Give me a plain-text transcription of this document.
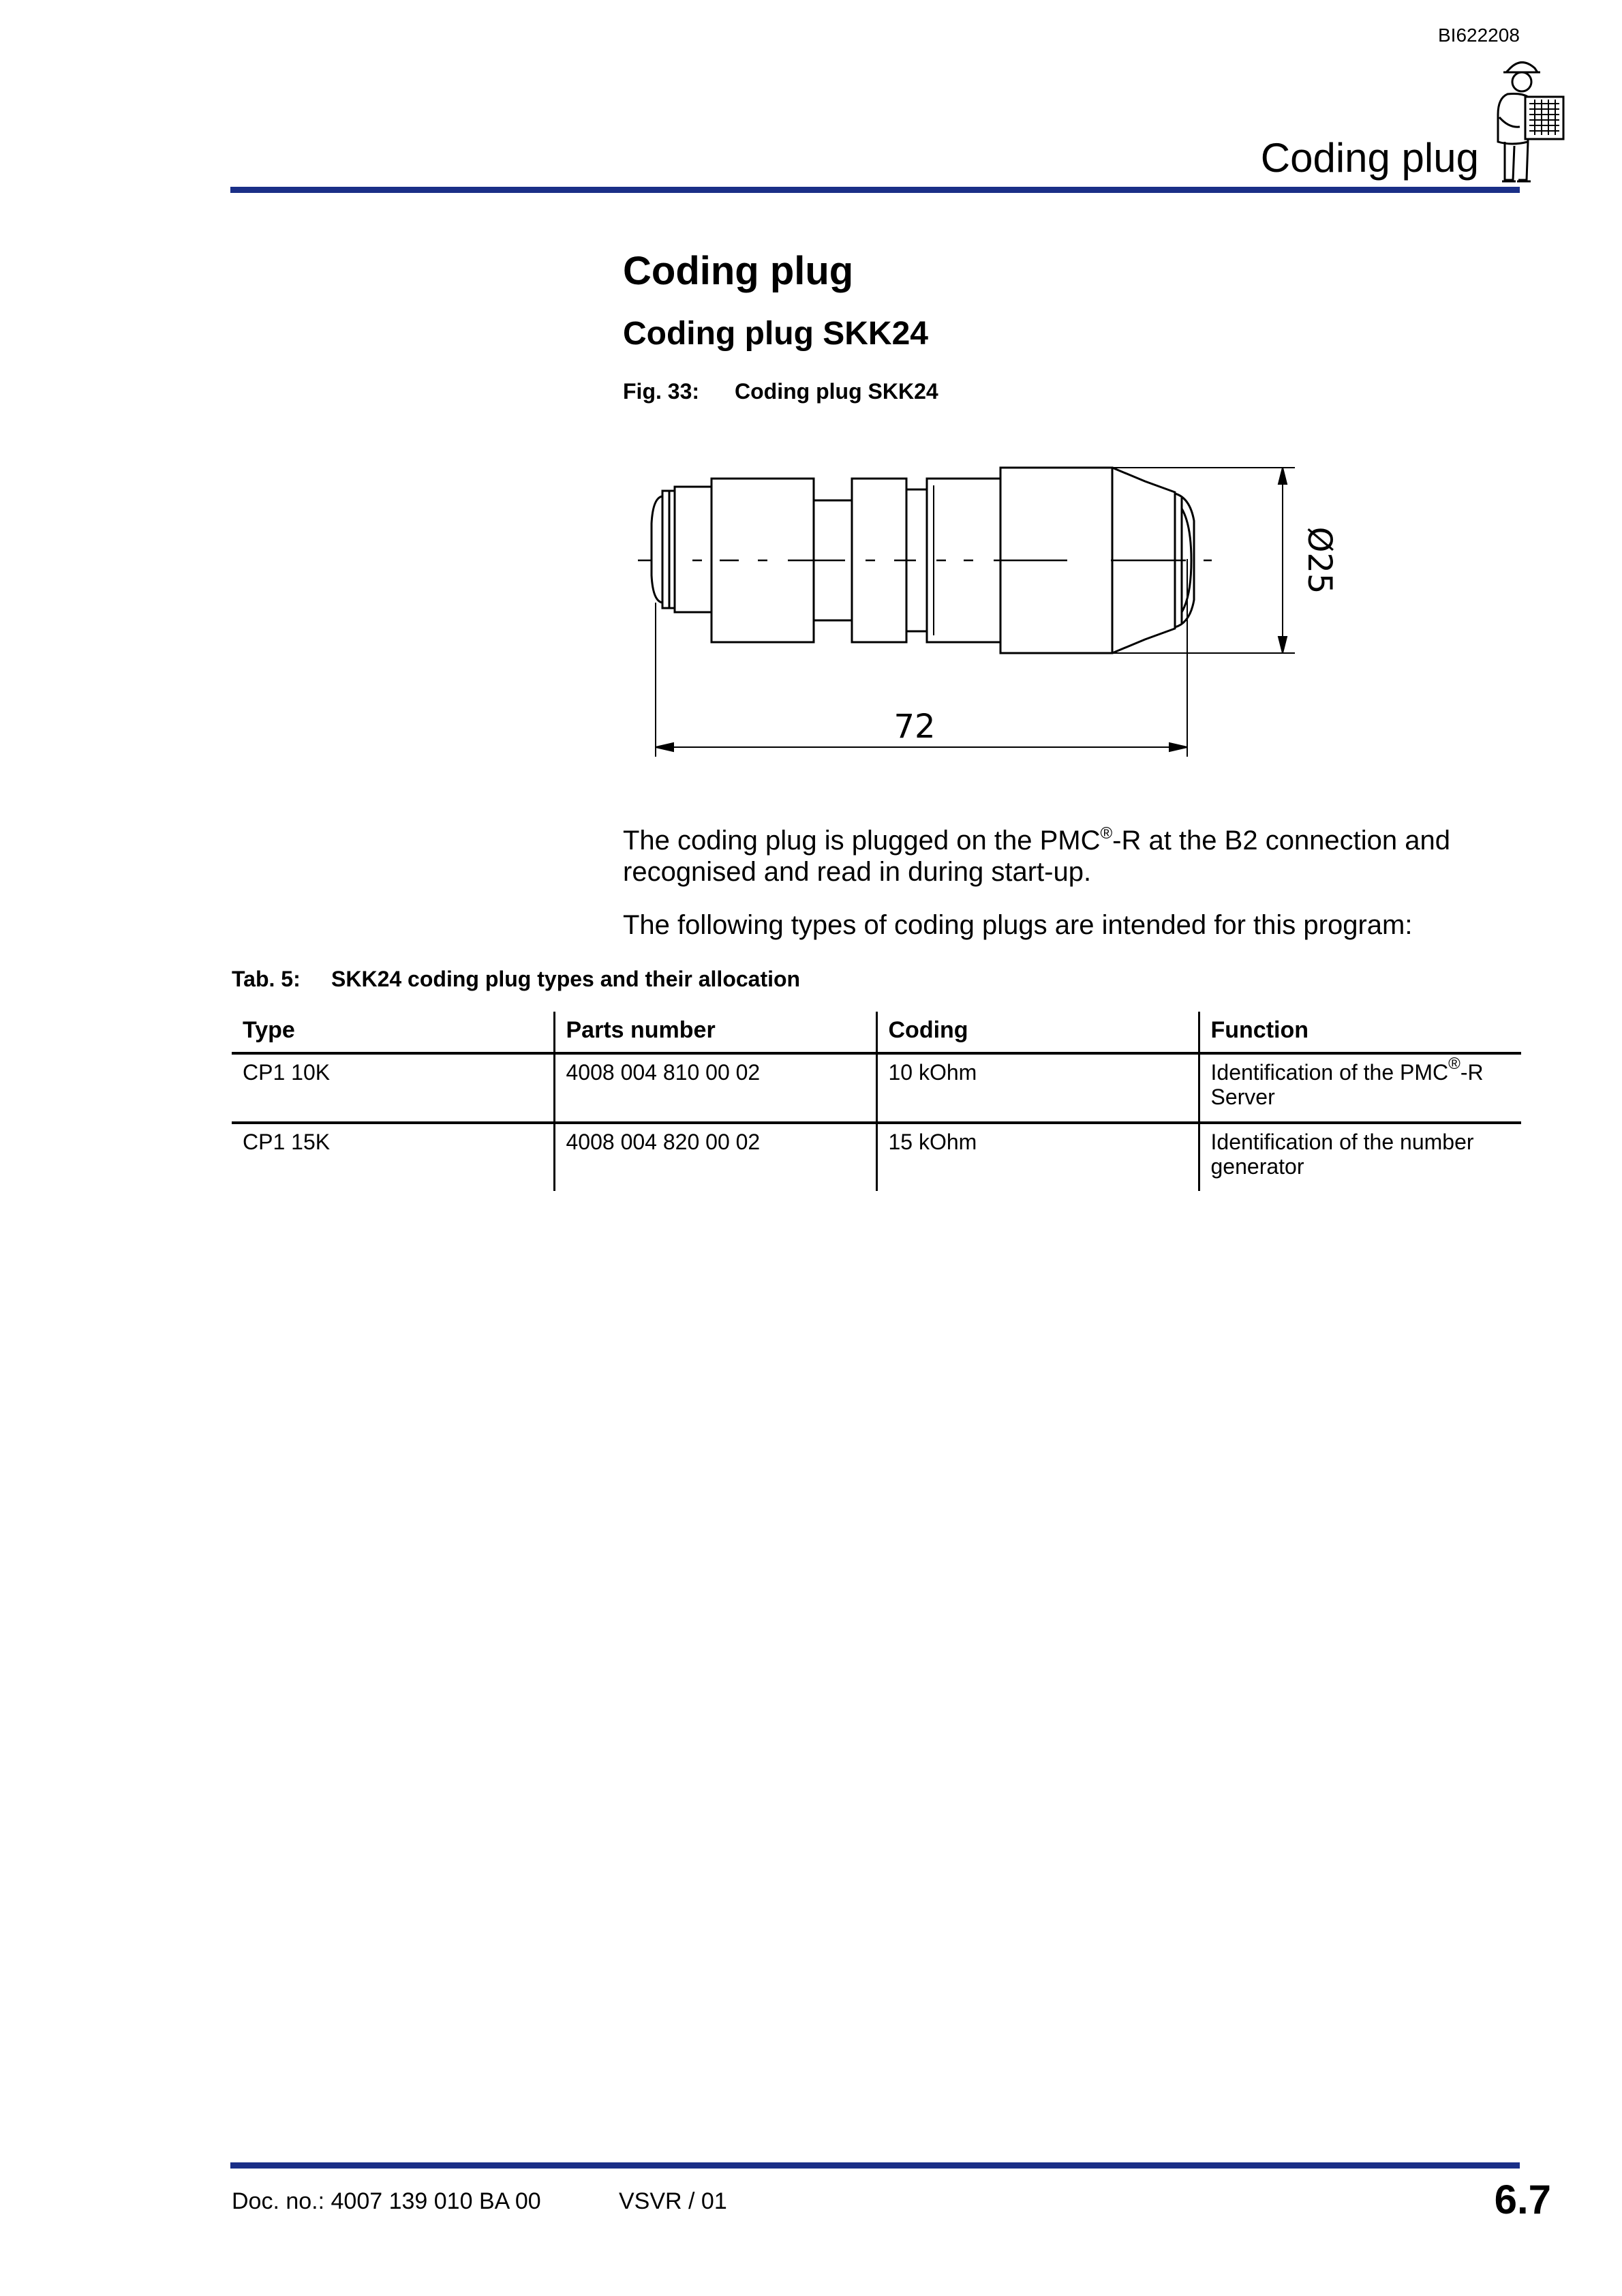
BI622208
Coding plug
Coding plug
Coding plug SKK24
Fig. 33: Coding plug SKK24
Ø25
72
The coding plug is plugged on the PMC®-R at the B2 connection and recognised and read in during start-up.
The following types of coding plugs are intended for this program:
Tab. 5: SKK24 coding plug types and their allocation
Type	Parts number	Coding	Function
CP1 10K	4008 004 810 00 02	10 kOhm	Identification of the PMC®-R Server
CP1 15K	4008 004 820 00 02	15 kOhm	Identification of the number generator
Doc. no.: 4007 139 010 BA 00	VSVR / 01	6.7
